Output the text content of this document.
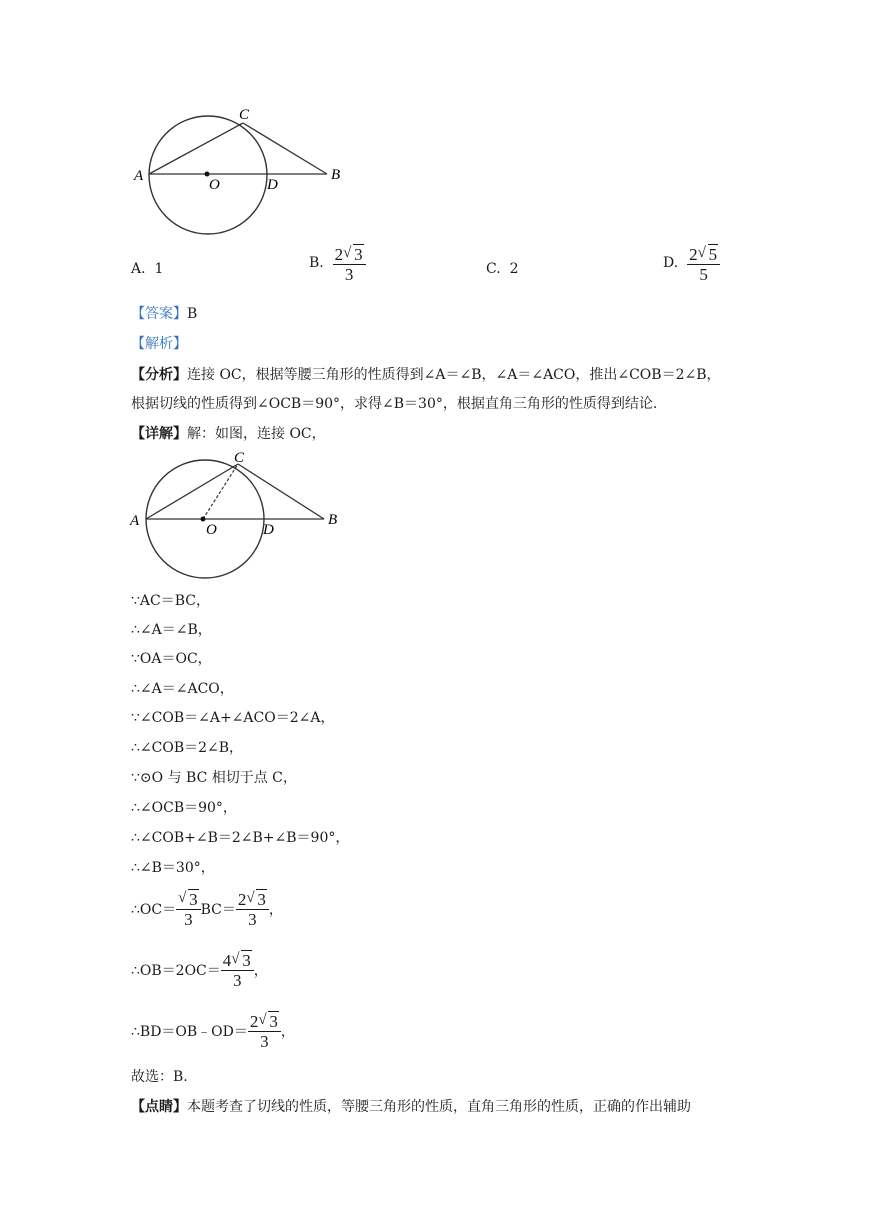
C
A
O	D
B
A. 1	B. $\frac{2 √ 3}{3}$	C. 2	D. $\frac{2 √ 5}{5}$
【答案】B
【解析】
【分析】连接 OC，根据等腰三角形的性质得到∠A＝∠B，∠A＝∠ACO，推出∠COB＝2∠B，
根据切线的性质得到∠OCB＝90°，求得∠B＝30°，根据直角三角形的性质得到结论.
【详解】解：如图，连接 OC，
C
A
O	D
B
∵AC＝BC，
∴∠A＝∠B，
∵OA＝OC，
∴∠A＝∠ACO，
∵∠COB＝∠A+∠ACO＝2∠A，
∴∠COB＝2∠B，
∵⊙O 与 BC 相切于点 C，
∴∠OCB＝90°，
∴∠COB+∠B＝2∠B+∠B＝90°，
∴∠B＝30°，
∴OC＝ $\frac{√ 3}{3} BC= \frac{2 √ 3}{3}$ ，
∴OB＝2OC＝ $\frac{4 √ 3}{3}$ ，
∴BD＝OB﹣OD＝ $\frac{2 √ 3}{3}$ ，
故选：B.
【点睛】本题考查了切线的性质，等腰三角形的性质，直角三角形的性质，正确的作出辅助
